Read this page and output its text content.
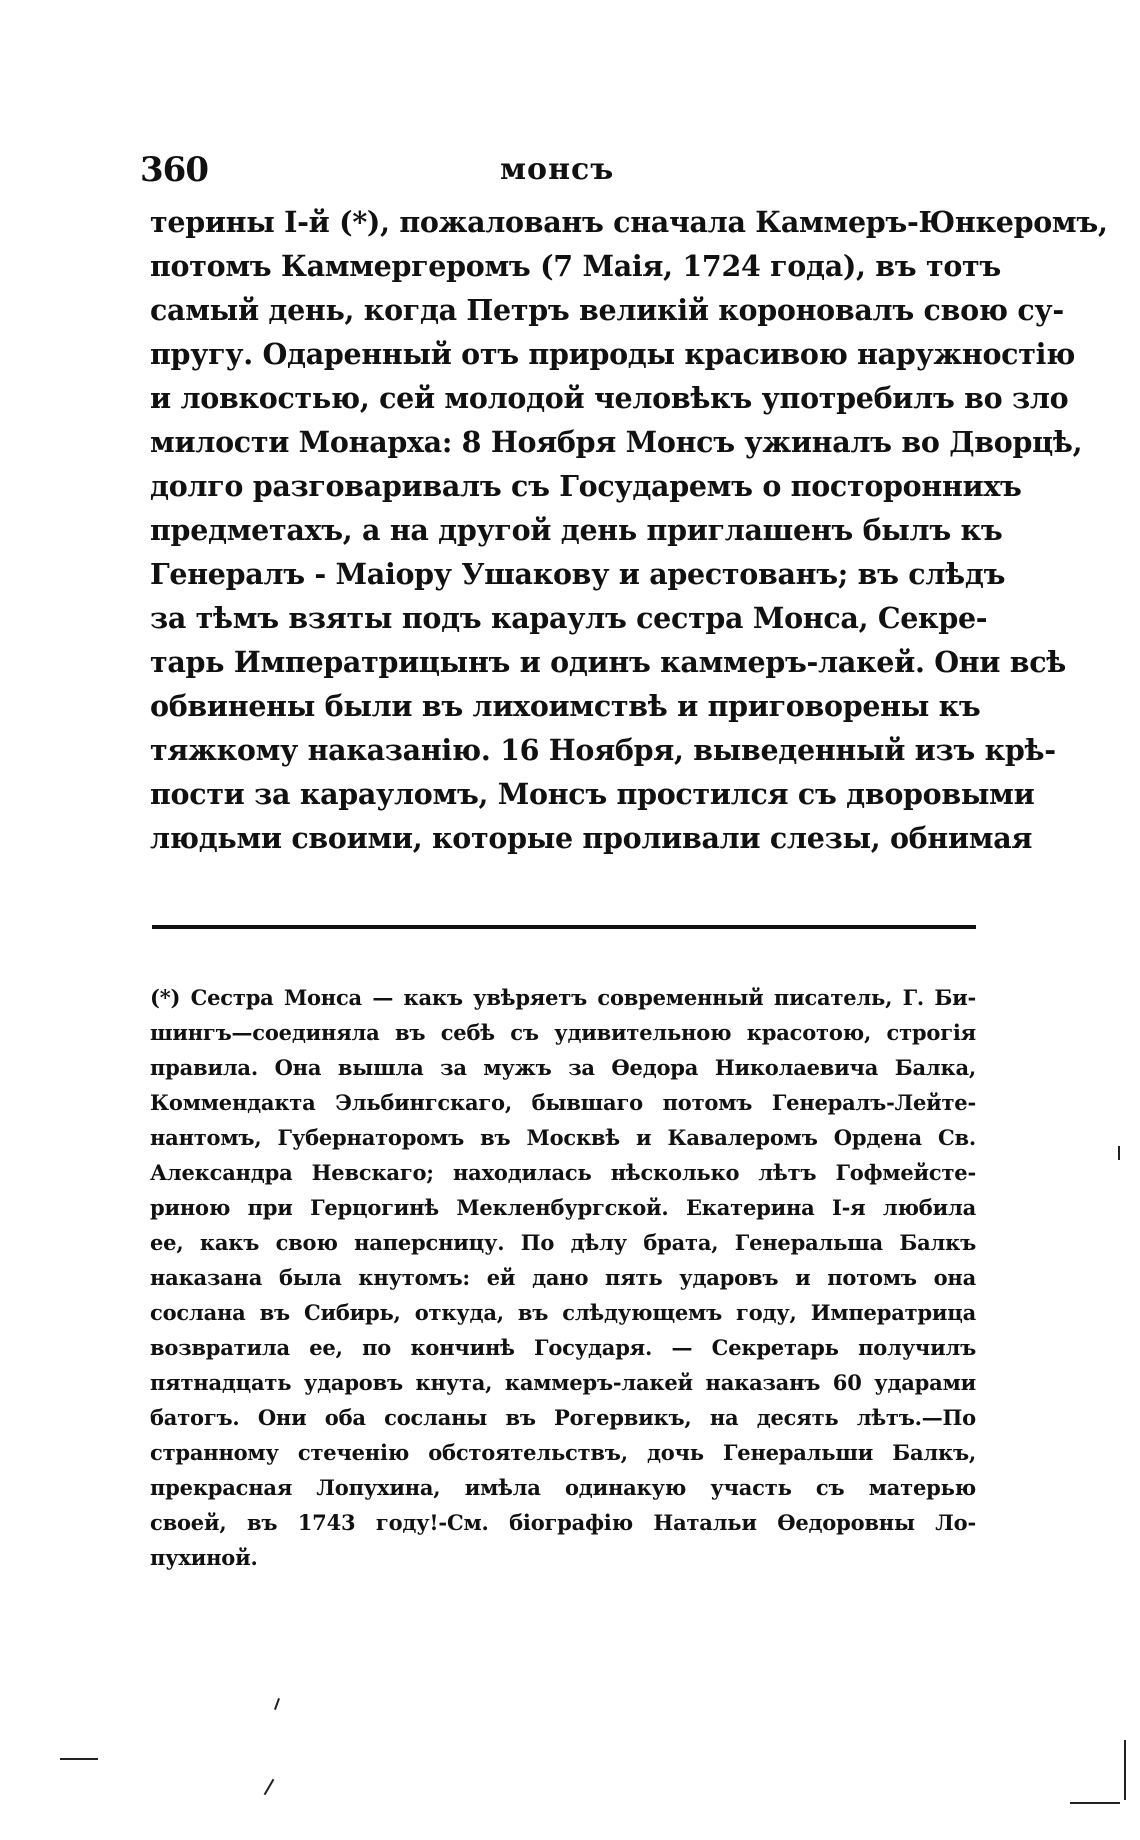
360	монсъ
терины I-й (*), пожалованъ сначала Каммеръ-Юнкеромъ,
потомъ Каммергеромъ (7 Маія, 1724 года), въ тотъ
самый день, когда Петръ великій короновалъ свою су-
пругу. Одаренный отъ природы красивою наружностію
и ловкостью, сей молодой человѣкъ употребилъ во зло
милости Монарха: 8 Ноября Монсъ ужиналъ во Дворцѣ,
долго разговаривалъ съ Государемъ о постороннихъ
предметахъ, а на другой день приглашенъ былъ къ
Генералъ - Маіору Ушакову и арестованъ; въ слѣдъ
за тѣмъ взяты подъ караулъ сестра Монса, Секре-
тарь Императрицынъ и одинъ каммеръ-лакей. Они всѣ
обвинены были въ лихоимствѣ и приговорены къ
тяжкому наказанію. 16 Ноября, выведенный изъ крѣ-
пости за карауломъ, Монсъ простился съ дворовыми
людьми своими, которые проливали слезы, обнимая
(*) Сестра Монса — какъ увѣряетъ современный писатель, Г. Би-
шингъ—соединяла въ себѣ съ удивительною красотою, строгія
правила. Она вышла за мужъ за Ѳедора Николаевича Балка,
Коммендакта Эльбингскаго, бывшаго потомъ Генералъ-Лейте-
нантомъ, Губернаторомъ въ Москвѣ и Кавалеромъ Ордена Св.
Александра Невскаго; находилась нѣсколько лѣтъ Гофмейсте-
риною при Герцогинѣ Мекленбургской. Екатерина I-я любила
ее, какъ свою наперсницу. По дѣлу брата, Генеральша Балкъ
наказана была кнутомъ: ей дано пять ударовъ и потомъ она
сослана въ Сибирь, откуда, въ слѣдующемъ году, Императрица
возвратила ее, по кончинѣ Государя. — Секретарь получилъ
пятнадцать ударовъ кнута, каммеръ-лакей наказанъ 60 ударами
батогъ. Они оба сосланы въ Рогервикъ, на десять лѣтъ.—По
странному стеченію обстоятельствъ, дочь Генеральши Балкъ,
прекрасная Лопухина, имѣла одинакую участь съ матерью
своей, въ 1743 году!-См. біографію Натальи Ѳедоровны Ло-
пухиной.
